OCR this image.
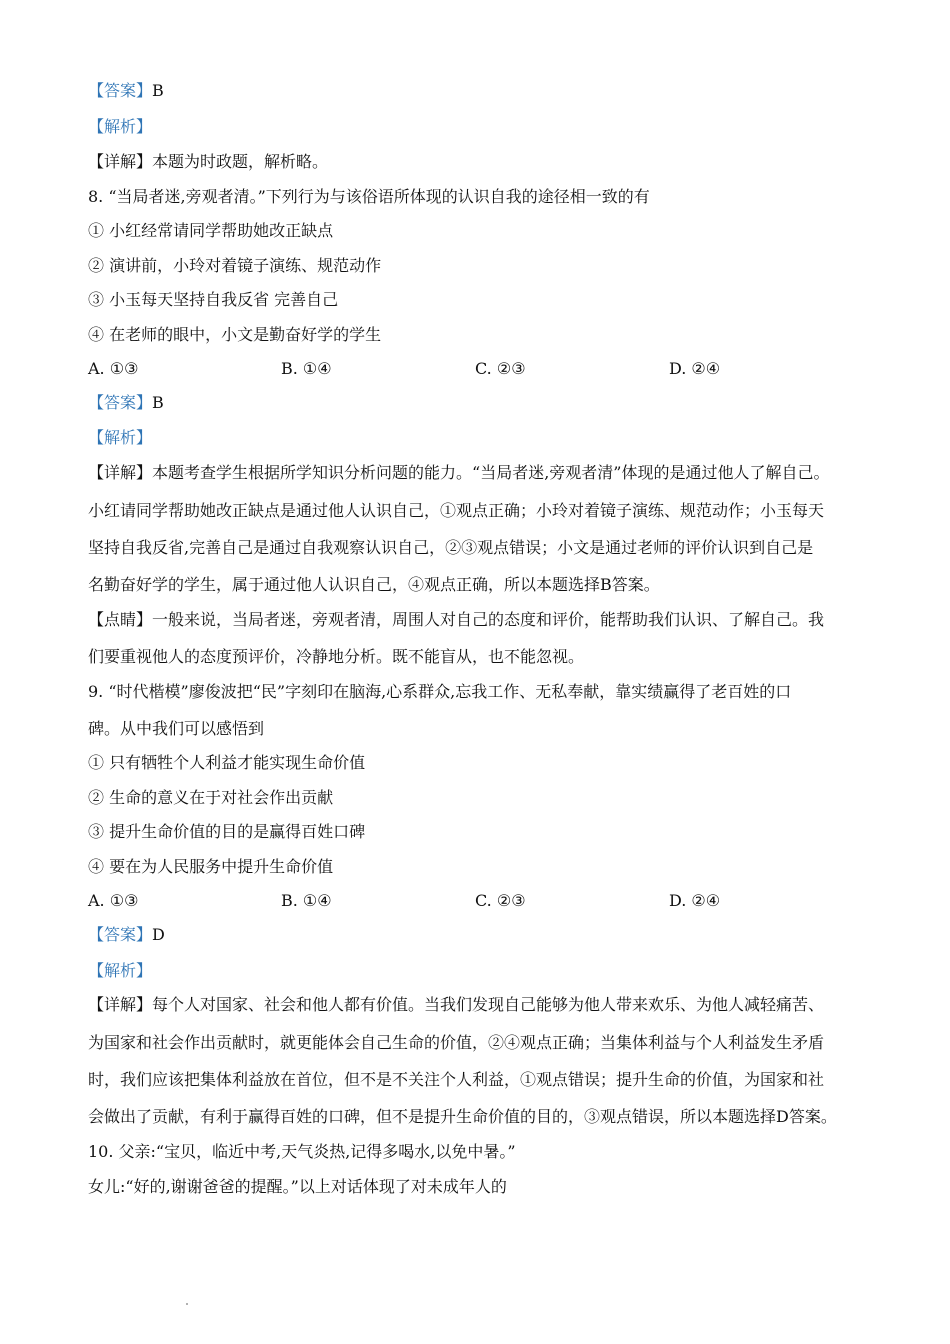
【答案】B
【解析】
【详解】本题为时政题，解析略。
8. “当局者迷,旁观者清。”下列行为与该俗语所体现的认识自我的途径相一致的有
① 小红经常请同学帮助她改正缺点
② 演讲前，小玲对着镜子演练、规范动作
③ 小玉每天坚持自我反省 完善自己
④ 在老师的眼中，小文是勤奋好学的学生
A. ①③	B. ①④	C. ②③	D. ②④
【答案】B
【解析】
【详解】本题考查学生根据所学知识分析问题的能力。“当局者迷,旁观者清”体现的是通过他人了解自己。
小红请同学帮助她改正缺点是通过他人认识自己，①观点正确；小玲对着镜子演练、规范动作；小玉每天
坚持自我反省,完善自己是通过自我观察认识自己，②③观点错误；小文是通过老师的评价认识到自己是
名勤奋好学的学生，属于通过他人认识自己，④观点正确，所以本题选择B答案。
【点睛】一般来说，当局者迷，旁观者清，周围人对自己的态度和评价，能帮助我们认识、了解自己。我
们要重视他人的态度预评价，冷静地分析。既不能盲从，也不能忽视。
9. “时代楷模”廖俊波把“民”字刻印在脑海,心系群众,忘我工作、无私奉献，靠实绩赢得了老百姓的口
碑。从中我们可以感悟到
① 只有牺牲个人利益才能实现生命价值
② 生命的意义在于对社会作出贡献
③ 提升生命价值的目的是赢得百姓口碑
④ 要在为人民服务中提升生命价值
A. ①③	B. ①④	C. ②③	D. ②④
【答案】D
【解析】
【详解】每个人对国家、社会和他人都有价值。当我们发现自己能够为他人带来欢乐、为他人减轻痛苦、
为国家和社会作出贡献时，就更能体会自己生命的价值，②④观点正确；当集体利益与个人利益发生矛盾
时，我们应该把集体利益放在首位，但不是不关注个人利益，①观点错误；提升生命的价值，为国家和社
会做出了贡献，有利于赢得百姓的口碑，但不是提升生命价值的目的，③观点错误，所以本题选择D答案。
10. 父亲:“宝贝，临近中考,天气炎热,记得多喝水,以免中暑。”
女儿:“好的,谢谢爸爸的提醒。”以上对话体现了对未成年人的
